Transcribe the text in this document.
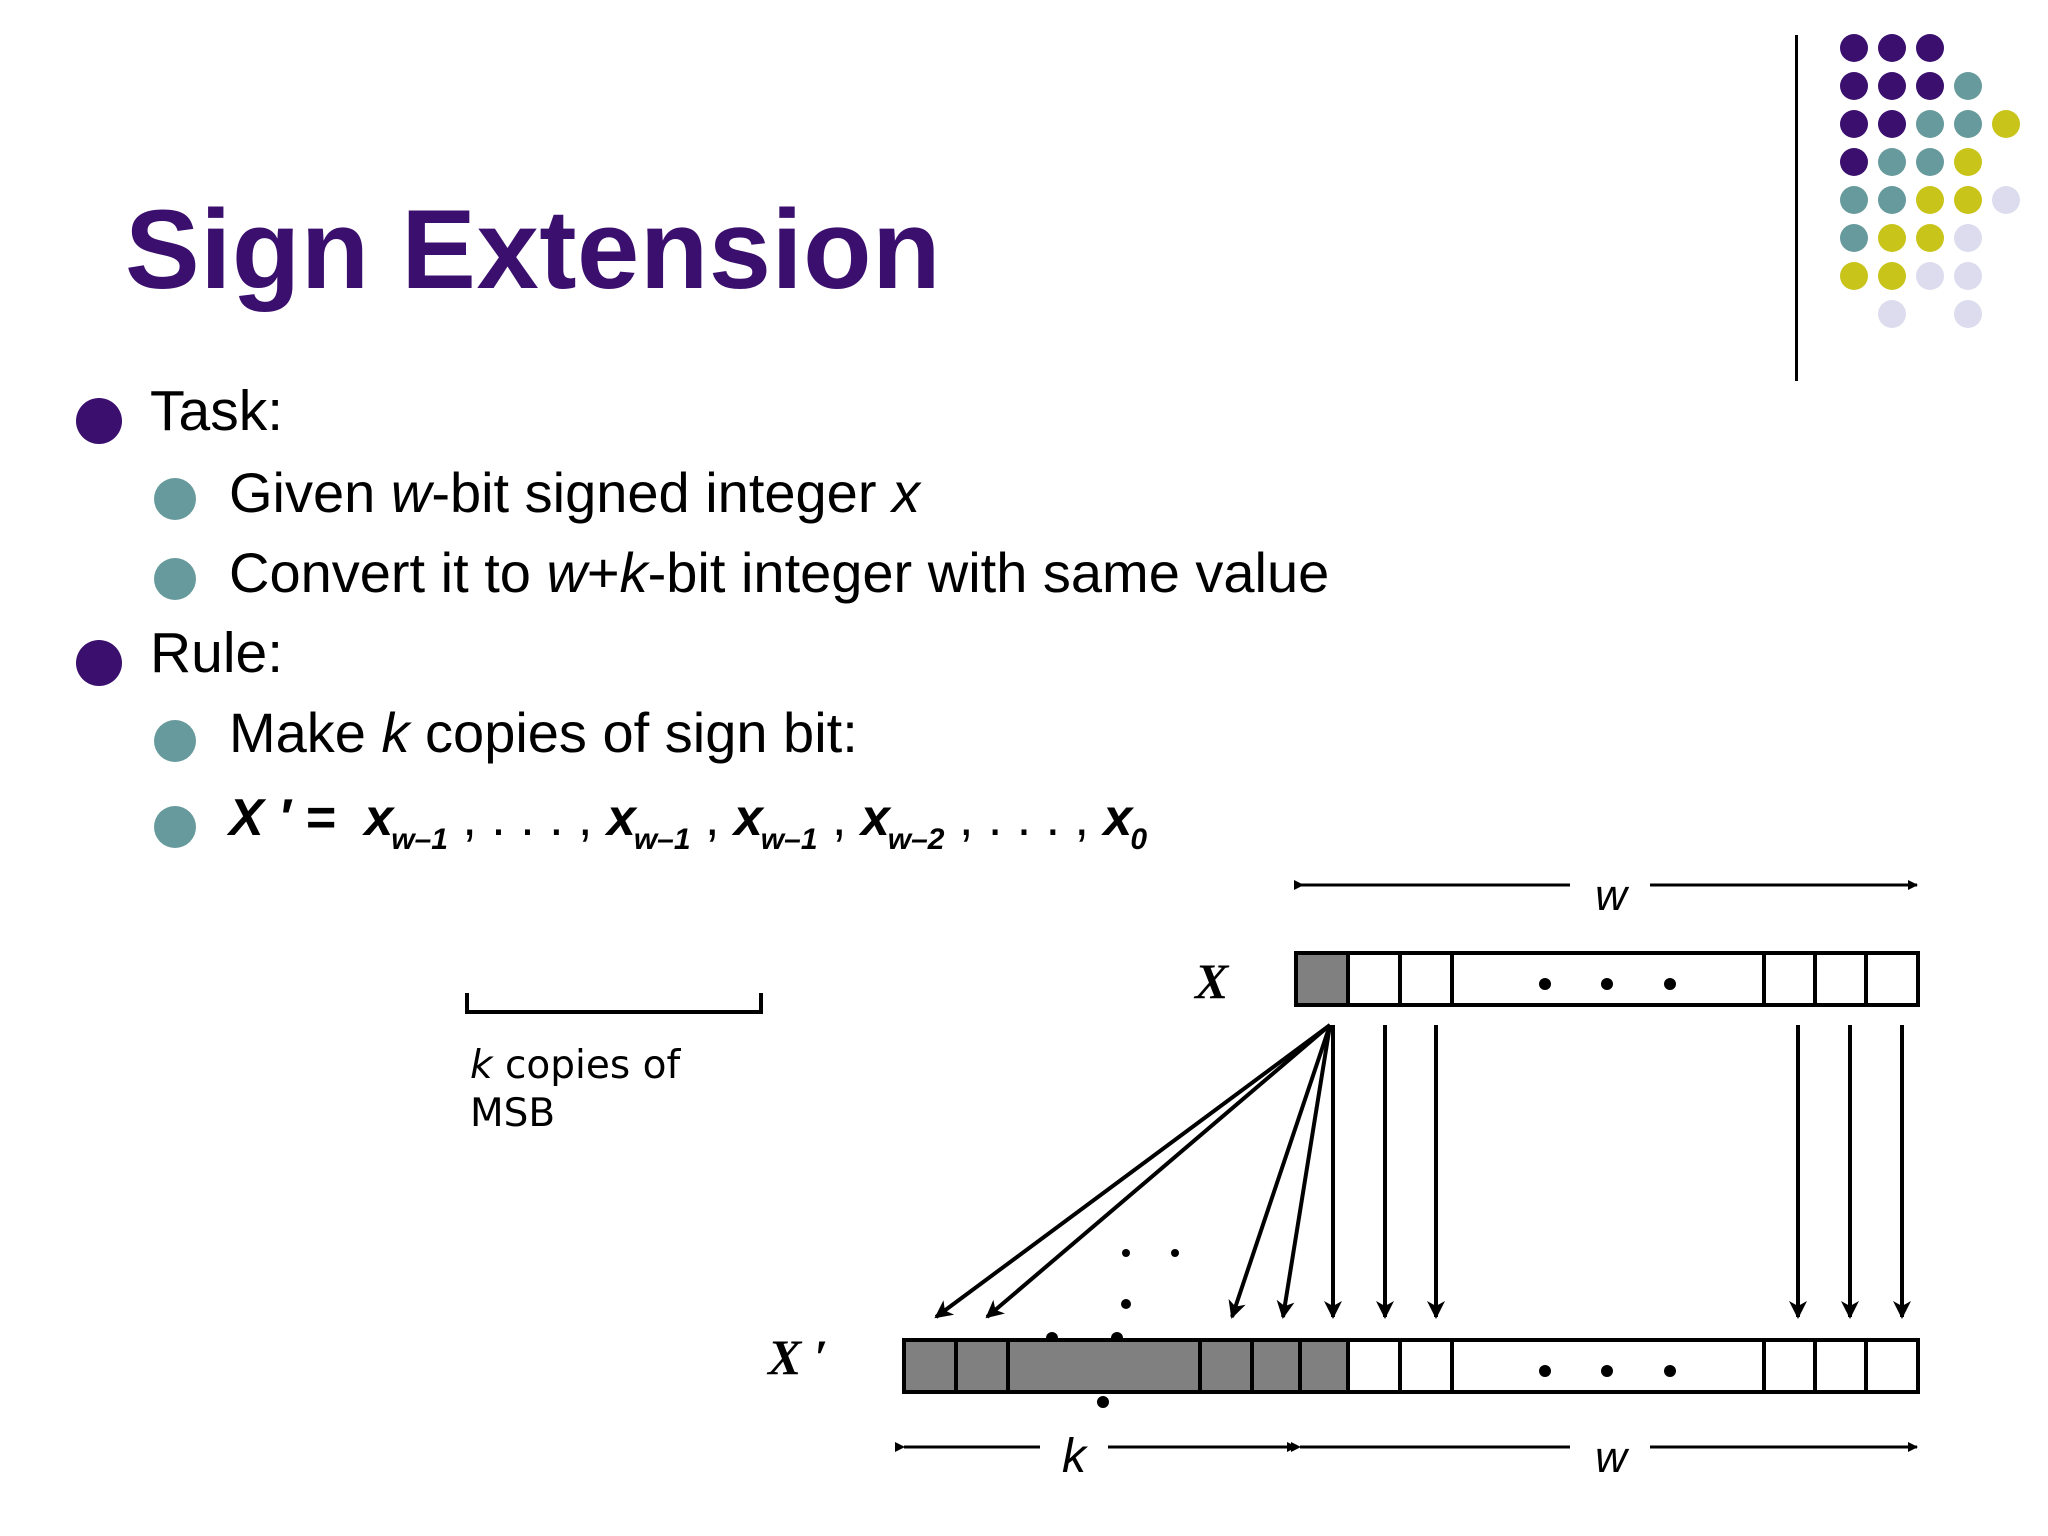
Sign Extension
Task:
Given w-bit signed integer x
Convert it to w+k-bit integer with same value
Rule:
Make k copies of sign bit:
X ′ = $x_{w-1}$ , . . . , $x_{w-1}$ , $x_{w-1}$ , $x_{w-2}$ , . . . , $x_0$
w
X
k copies of
MSB
X ′
k	w
